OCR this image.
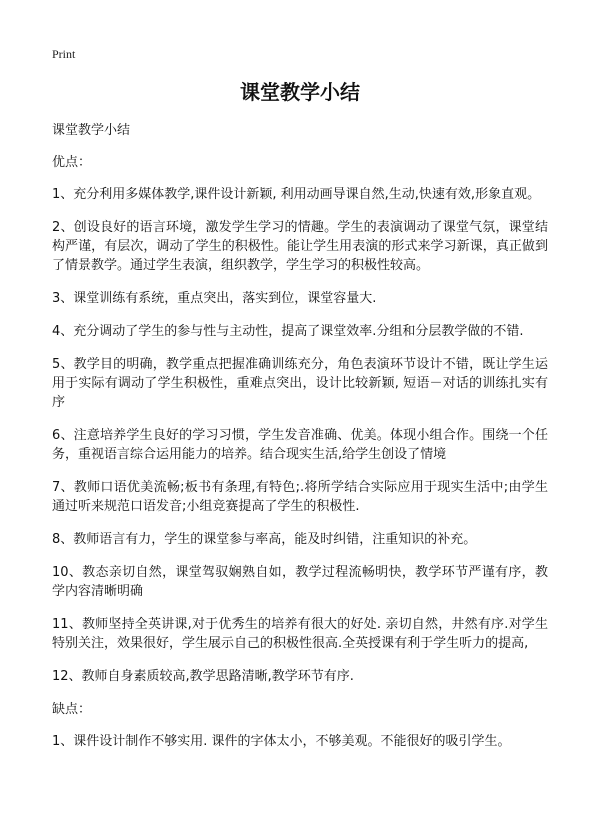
Print
课堂教学小结

课堂教学小结

优点：

1、充分利用多媒体教学,课件设计新颖, 利用动画导课自然,生动,快速有效,形象直观。

2、创设良好的语言环境，激发学生学习的情趣。学生的表演调动了课堂气氛，课堂结构严谨，有层次，调动了学生的积极性。能让学生用表演的形式来学习新课，真正做到了情景教学。通过学生表演，组织教学，学生学习的积极性较高。

3、课堂训练有系统，重点突出，落实到位，课堂容量大.

4、充分调动了学生的参与性与主动性，提高了课堂效率.分组和分层教学做的不错.

5、教学目的明确，教学重点把握准确训练充分，角色表演环节设计不错，既让学生运用于实际有调动了学生积极性，重难点突出，设计比较新颖, 短语－对话的训练扎实有序

6、注意培养学生良好的学习习惯，学生发音准确、优美。体现小组合作。围绕一个任务，重视语言综合运用能力的培养。结合现实生活,给学生创设了情境

7、教师口语优美流畅;板书有条理,有特色;.将所学结合实际应用于现实生活中;由学生通过听来规范口语发音;小组竞赛提高了学生的积极性.

8、教师语言有力，学生的课堂参与率高，能及时纠错，注重知识的补充。

10、教态亲切自然，课堂驾驭娴熟自如，教学过程流畅明快，教学环节严谨有序，教学内容清晰明确

11、教师坚持全英讲课,对于优秀生的培养有很大的好处. 亲切自然，井然有序.对学生特别关注，效果很好，学生展示自己的积极性很高.全英授课有利于学生听力的提高,

12、教师自身素质较高,教学思路清晰,教学环节有序.

缺点：

1、课件设计制作不够实用. 课件的字体太小，不够美观。不能很好的吸引学生。
